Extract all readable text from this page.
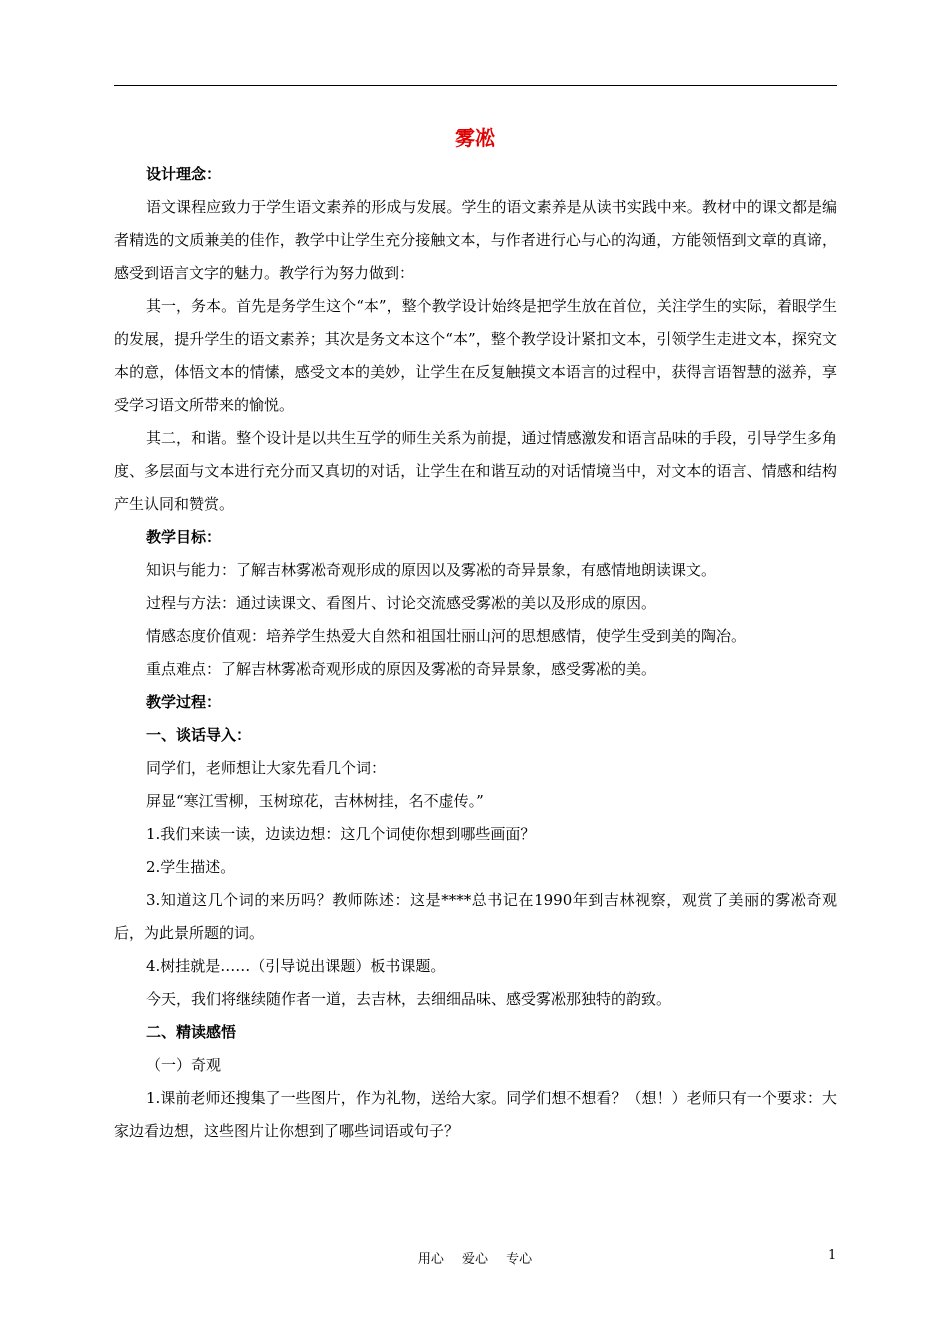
雾凇

设计理念：

语文课程应致力于学生语文素养的形成与发展。学生的语文素养是从读书实践中来。教材中的课文都是编者精选的文质兼美的佳作，教学中让学生充分接触文本，与作者进行心与心的沟通，方能领悟到文章的真谛，感受到语言文字的魅力。教学行为努力做到：

其一，务本。首先是务学生这个“本”，整个教学设计始终是把学生放在首位，关注学生的实际，着眼学生的发展，提升学生的语文素养；其次是务文本这个“本”，整个教学设计紧扣文本，引领学生走进文本，探究文本的意，体悟文本的情愫，感受文本的美妙，让学生在反复触摸文本语言的过程中，获得言语智慧的滋养，享受学习语文所带来的愉悦。

其二，和谐。整个设计是以共生互学的师生关系为前提，通过情感激发和语言品味的手段，引导学生多角度、多层面与文本进行充分而又真切的对话，让学生在和谐互动的对话情境当中，对文本的语言、情感和结构产生认同和赞赏。

教学目标：

知识与能力：了解吉林雾凇奇观形成的原因以及雾凇的奇异景象，有感情地朗读课文。

过程与方法：通过读课文、看图片、讨论交流感受雾凇的美以及形成的原因。

情感态度价值观：培养学生热爱大自然和祖国壮丽山河的思想感情，使学生受到美的陶冶。

重点难点：了解吉林雾凇奇观形成的原因及雾凇的奇异景象，感受雾凇的美。

教学过程：

一、谈话导入：

同学们，老师想让大家先看几个词：

屏显“寒江雪柳，玉树琼花，吉林树挂，名不虚传。”

1.我们来读一读，边读边想：这几个词使你想到哪些画面？

2.学生描述。

3.知道这几个词的来历吗？教师陈述：这是****总书记在1990年到吉林视察，观赏了美丽的雾凇奇观后，为此景所题的词。

4.树挂就是……（引导说出课题）板书课题。

今天，我们将继续随作者一道，去吉林，去细细品味、感受雾凇那独特的韵致。

二、精读感悟

（一）奇观

1.课前老师还搜集了一些图片，作为礼物，送给大家。同学们想不想看？（想！）老师只有一个要求：大家边看边想，这些图片让你想到了哪些词语或句子？

用心 爱心 专心	1
